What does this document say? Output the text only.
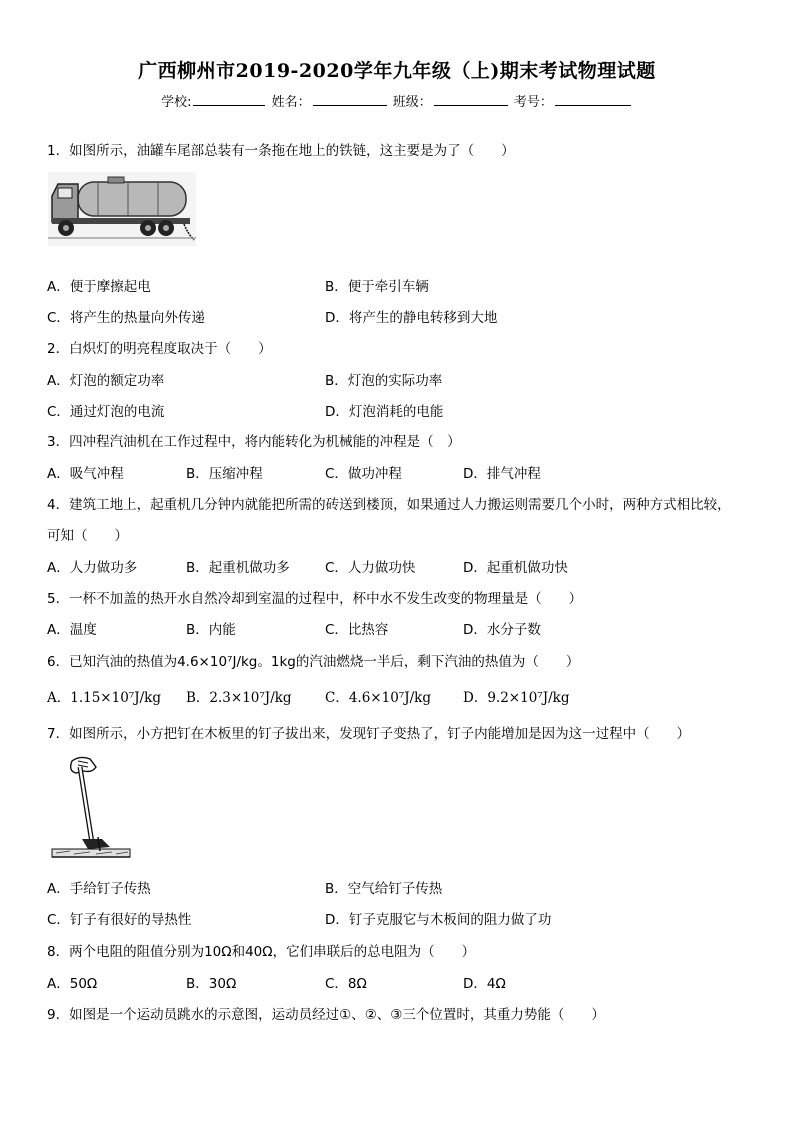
广西柳州市2019-2020学年九年级（上)期末考试物理试题
学校:	姓名：	班级：	考号：
1．如图所示，油罐车尾部总装有一条拖在地上的铁链，这主要是为了（　　）
A．便于摩擦起电	B．便于牵引车辆
C．将产生的热量向外传递	D．将产生的静电转移到大地
2．白炽灯的明亮程度取决于（　　）
A．灯泡的额定功率	B．灯泡的实际功率
C．通过灯泡的电流	D．灯泡消耗的电能
3．四冲程汽油机在工作过程中，将内能转化为机械能的冲程是（　）
A．吸气冲程	B．压缩冲程	C．做功冲程	D．排气冲程
4．建筑工地上，起重机几分钟内就能把所需的砖送到楼顶，如果通过人力搬运则需要几个小时，两种方式相比较，
可知（　　）
A．人力做功多	B．起重机做功多	C．人力做功快	D．起重机做功快
5．一杯不加盖的热开水自然冷却到室温的过程中，杯中水不发生改变的物理量是（　　）
A．温度	B．内能	C．比热容	D．水分子数
6．已知汽油的热值为4.6×10⁷J/kg。1kg的汽油燃烧一半后，剩下汽油的热值为（　　）
A．1.15×10⁷J/kg B．2.3×10⁷J/kg C．4.6×10⁷J/kg D．9.2×10⁷J/kg
7．如图所示，小方把钉在木板里的钉子拔出来，发现钉子变热了，钉子内能增加是因为这一过程中（　　）
A．手给钉子传热	B．空气给钉子传热
C．钉子有很好的导热性	D．钉子克服它与木板间的阻力做了功
8．两个电阻的阻值分别为10Ω和40Ω，它们串联后的总电阻为（　　）
A．50Ω	B．30Ω	C．8Ω	D．4Ω
9．如图是一个运动员跳水的示意图，运动员经过①、②、③三个位置时，其重力势能（　　）
